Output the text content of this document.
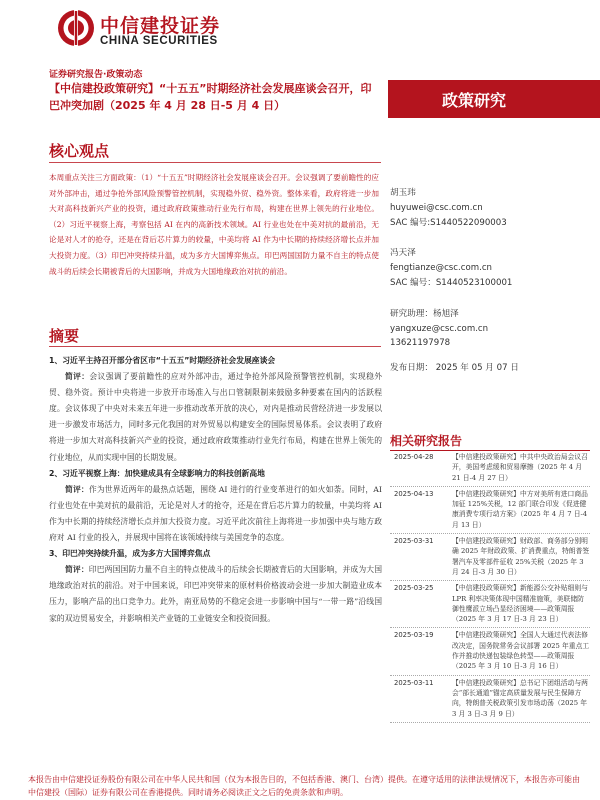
中信建投证券
CHINA SECURITIES
证券研究报告·政策动态
【中信建投政策研究】“十五五”时期经济社会发展座谈会召开，印巴冲突加剧（2025 年 4 月 28 日-5 月 4 日）	政策研究
核心观点

本周重点关注三方面政策：（1）“十五五”时期经济社会发展座谈会召开。会议强调了要前瞻性的应对外部冲击，通过争抢外部风险预警管控机制，实现稳外贸、稳外资。整体来看，政府将进一步加大对高科技新兴产业的投资，通过政府政策推动行业先行布局，构建在世界上领先的行业地位。（2）习近平视察上海，考察包括 AI 在内的高新技术领域。AI 行业也处在中美对抗的最前沿，无论是对人才的抢夺，还是在背后芯片算力的较量，中美均将 AI 作为中长期的持续经济增长点并加大投资力度。（3）印巴冲突持续升温，成为多方大国博弈焦点。印巴两国国防力量不自主的特点使战斗的后续会长期被背后的大国影响，并成为大国地缘政治对抗的前沿。

摘要
1、习近平主持召开部分省区市“十五五”时期经济社会发展座谈会

简评：会议强调了要前瞻性的应对外部冲击，通过争抢外部风险预警管控机制，实现稳外贸、稳外资。预计中央将进一步放开市场准入与出口管制限制来鼓励多种要素在国内的活跃程度。会议体现了中央对未来五年进一步推动改革开放的决心，对内是推动民营经济进一步发展以进一步激发市场活力，同时多元化我国的对外贸易以构建安全的国际贸易体系。会议表明了政府将进一步加大对高科技新兴产业的投资，通过政府政策推动行业先行布局，构建在世界上领先的行业地位，从而实现中国的长期发展。

2、习近平视察上海：加快建成具有全球影响力的科技创新高地

简评：作为世界近两年的最热点话题，围绕 AI 进行的行业变革进行的如火如荼。同时，AI 行业也处在中美对抗的最前沿，无论是对人才的抢夺，还是在背后芯片算力的较量，中美均将 AI 作为中长期的持续经济增长点并加大投资力度。习近平此次前往上海将进一步加强中央与地方政府对 AI 行业的投入，并展现中国将在该领域持续与美国竞争的态度。

3、印巴冲突持续升温，成为多方大国博弈焦点

简评：印巴两国国防力量不自主的特点使战斗的后续会长期被背后的大国影响，并成为大国地缘政治对抗的前沿。对于中国来说，印巴冲突带来的原材料价格波动会进一步加大制造业成本压力，影响产品的出口竞争力。此外，南亚局势的不稳定会进一步影响中国与“一带一路”沿线国家的双边贸易安全，并影响相关产业链的工业链安全和投资回报。

胡玉玮
huyuwei@csc.com.cn
SAC 编号:S1440522090003
冯天泽
fengtianze@csc.com.cn
SAC 编号：S1440523100001
研究助理：杨旭泽
yangxuze@csc.com.cn
13621197978
发布日期： 2025 年 05 月 07 日
相关研究报告
2025-04-28	【中信建投政策研究】中共中央政治局会议召开，美国考虑缓和贸易摩擦（2025 年 4 月 21 日-4 月 27 日）
2025-04-13	【中信建投政策研究】中方对美所有进口商品加征 125%关税，12 部门联合印发《促进健康消费专项行动方案》（2025 年 4 月 7 日-4 月 13 日）
2025-03-31	【中信建投政策研究】财政部、商务部分别明确 2025 年财政政策、扩消费重点，特朗普签署汽车及零部件征收 25%关税（2025 年 3 月 24 日-3 月 30 日）
2025-03-25	【中信建投政策研究】新能源公交补贴细则与 LPR 利率决策体现中国精准施策，美联储防御性鹰派立场凸显经济困境——政策周报（2025 年 3 月 17 日-3 月 23 日）
2025-03-19	【中信建投政策研究】全国人大通过代表法修改决定，国务院常务会议部署 2025 年重点工作并推动快递包装绿色转型——政策周报（2025 年 3 月 10 日-3 月 16 日）
2025-03-11	【中信建投政策研究】总书记下团组活动与两会“部长通道”锚定高质量发展与民生保障方向，特朗普关税政策引发市场动荡（2025 年 3 月 3 日-3 月 9 日）
本报告由中信建投证券股份有限公司在中华人民共和国（仅为本报告目的，不包括香港、澳门、台湾）提供。在遵守适用的法律法规情况下，本报告亦可能由中信建投（国际）证券有限公司在香港提供。同时请务必阅读正文之后的免责条款和声明。
